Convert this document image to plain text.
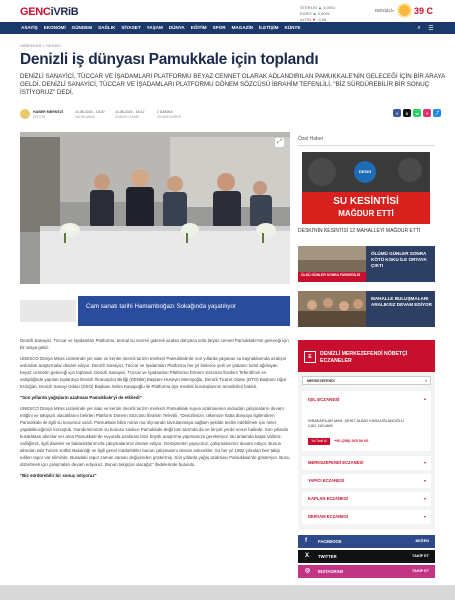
GENCiVRiB	STERLİN ▲ 0,0001
EURO ▲ 0,0001
ALTIN ▼ -0,56
DENİZLİ ▾ 39 C
ASAYİŞ EKONOMİ GÜNDEM SAĞLIK SİYASET YAŞAM DÜNYA EĞİTİM SPOR MAGAZİN İLETİŞİM KÜNYE	⌕	☰
HABERLER > DENİZLİ
Denizli iş dünyası Pamukkale için toplandı
DENİZLİ SANAYİCİ, TÜCCAR VE İŞADAMLARI PLATFORMU BEYAZ CENNET OLARAK ADLANDIRILAN PAMUKKALE'NİN GELECEĞİ İÇİN BİR ARAYA GELDİ. DENİZLİ SANAYİCİ, TÜCCAR VE İŞADAMLARI PLATFORMU DÖNEM SÖZCÜSÜ İBRAHİM TEFENLİLİ, "BİZ SÜRDÜREBİLİR BİR SONUÇ İSTİYORUZ" DEDİ.
HABER MERKEZİ
EDİTÖR
14.08.2024 - 15:20
YAYINLANMA
14.08.2024 - 16:12
GÜNCELLENME
2 DAKİKA
OKUMA SÜRESİ
f	X	w	+	⤴
⤢
Cam sanatı tarihi Hamamboğazı Sokağında yaşatılıyor

Denizli Sanayici, Tüccar ve İşadamları Platformu, termal su rezervi giderek azalan dünyaca ünlü beyaz cennet Pamukkale'nin geleceği için bir araya geldi.

UNESCO Dünya Miras Listesinde yer alan ve kentin önemli turizm merkezi Pamukkale'de son yıllarda yaşanan su kaynaklarında azalışın ardından araştırmalar devam ediyor. Denizli Sanayici, Tüccar ve İşadamları Platformu her yıl binlerce yerli ve yabancı turist ağırlayan beyaz cennetin geleceği için toplandı. Denizli Sanayici, Tüccar ve İşadamları Platformu Dönem Sözcüsü İbrahim Tefenlili'nin ev sahipliğinde yapılan toplantıya Denizli İhracatçılar Birliği (DENİB) Başkanı Hüseyin Memişoğlu, Denizli Ticaret Odası (DTO) Başkanı Uğur Erdoğan, Denizli Sanayi Odası (DSO) Başkanı Selim Kasapoğlu ile Platforma üye meslek kuruluşlarının temsilcileri katıldı.

"Son yıllarda yağışların azalması Pamukkale'yi de etkiledi"

UNESCO Dünya Miras Listesinde yer alan ve kentin önemli turizm merkezi Pamukkale suyun azalmasının ardından çalışmaların devam ettiğini ve takipçisi olacaklarını belirten Platform Dönem Sözcüsü İbrahim Tefenlili, "Denizlimize, ülkemize hatta dünyaya ilgilendiren Pamukkale ile ilgili su konumuz vardı. Pamukkale bilim miras ma ölçmünde tavrulanmaya sağlam şekilde teslim edebilmek için neler yapabileceğimizi konuştuk. Gündemimizde su konusu sadece Pamukkale değil tüm tarımda da ve birçok yerde sorun halinde. Son yıllarda kuraklıktan akımlar ver ama Pamukkale'de suyunda azalması bize büyük araştırma yapmamıza gerektiriyor. Bu anlamda başta Valimiz, valiliğimiz, ilgili daireler ve bakanlıklarımızla çalışmalarımız devam ediyor. Görüşmeleri yapıyoruz, çalışmalarımız devam ediyor. Bunun altından tabi Turizm Kültür Bakanlığı ve ilgili genel müdürlükler bunun çalışmasını devam edecekler. Su her yıl 1992 yılından beri takip edilen rapor var elimizde. Buradaki rapor zaman zaman değişimden göstermiş. Son yıllarda yağış azalması Pamukkale'de gösteriyor. Bunu düzeltmek için çalışmaları devam ediyoruz. Bunun takipçisi olacağız" ifadelerinde bulundu.

"Biz sürdürebilir bir sonuç istiyoruz"

Özel Haber
DESKİ
SU KESİNTİSİ
MAĞDUR ETTİ
DESKİ'NİN KESİNTİSİ 12 MAHALLEYİ MAĞDUR ETTİ
ÖLDÜ GÜNLER SONRA FARKEDİLDİ
ÖLÜMÜ GÜNLER SONRA KÖTÜ KOKU İLE ORTAYA ÇIKTI
MAHALLE BULUŞMALARI ARALIKSIZ DEVAM EDİYOR
E	DENİZLİ MERKEZEFENDİ NÖBETÇİ ECZANELER
MERKEZEFENDİ	▾
IŞIL ECZANESİ	▴
SIRAKAPILAR MAH. ŞEHİT ALBAY KARAOĞLANOĞLU CAD. NO:46/B
Yol Tarifi Al	+90 (258) 265 00 00
MERKEZEFENDİ ECZANESİ	▾
YAPICI ECZANESİ	▾
KAPLAN ECZANESİ	▾
DERYAM ECZANESİ	▾
f	FACEBOOK	BEĞEN
X TWITTER	TAKİP ET
◎ INSTAGRAM	TAKİP ET
